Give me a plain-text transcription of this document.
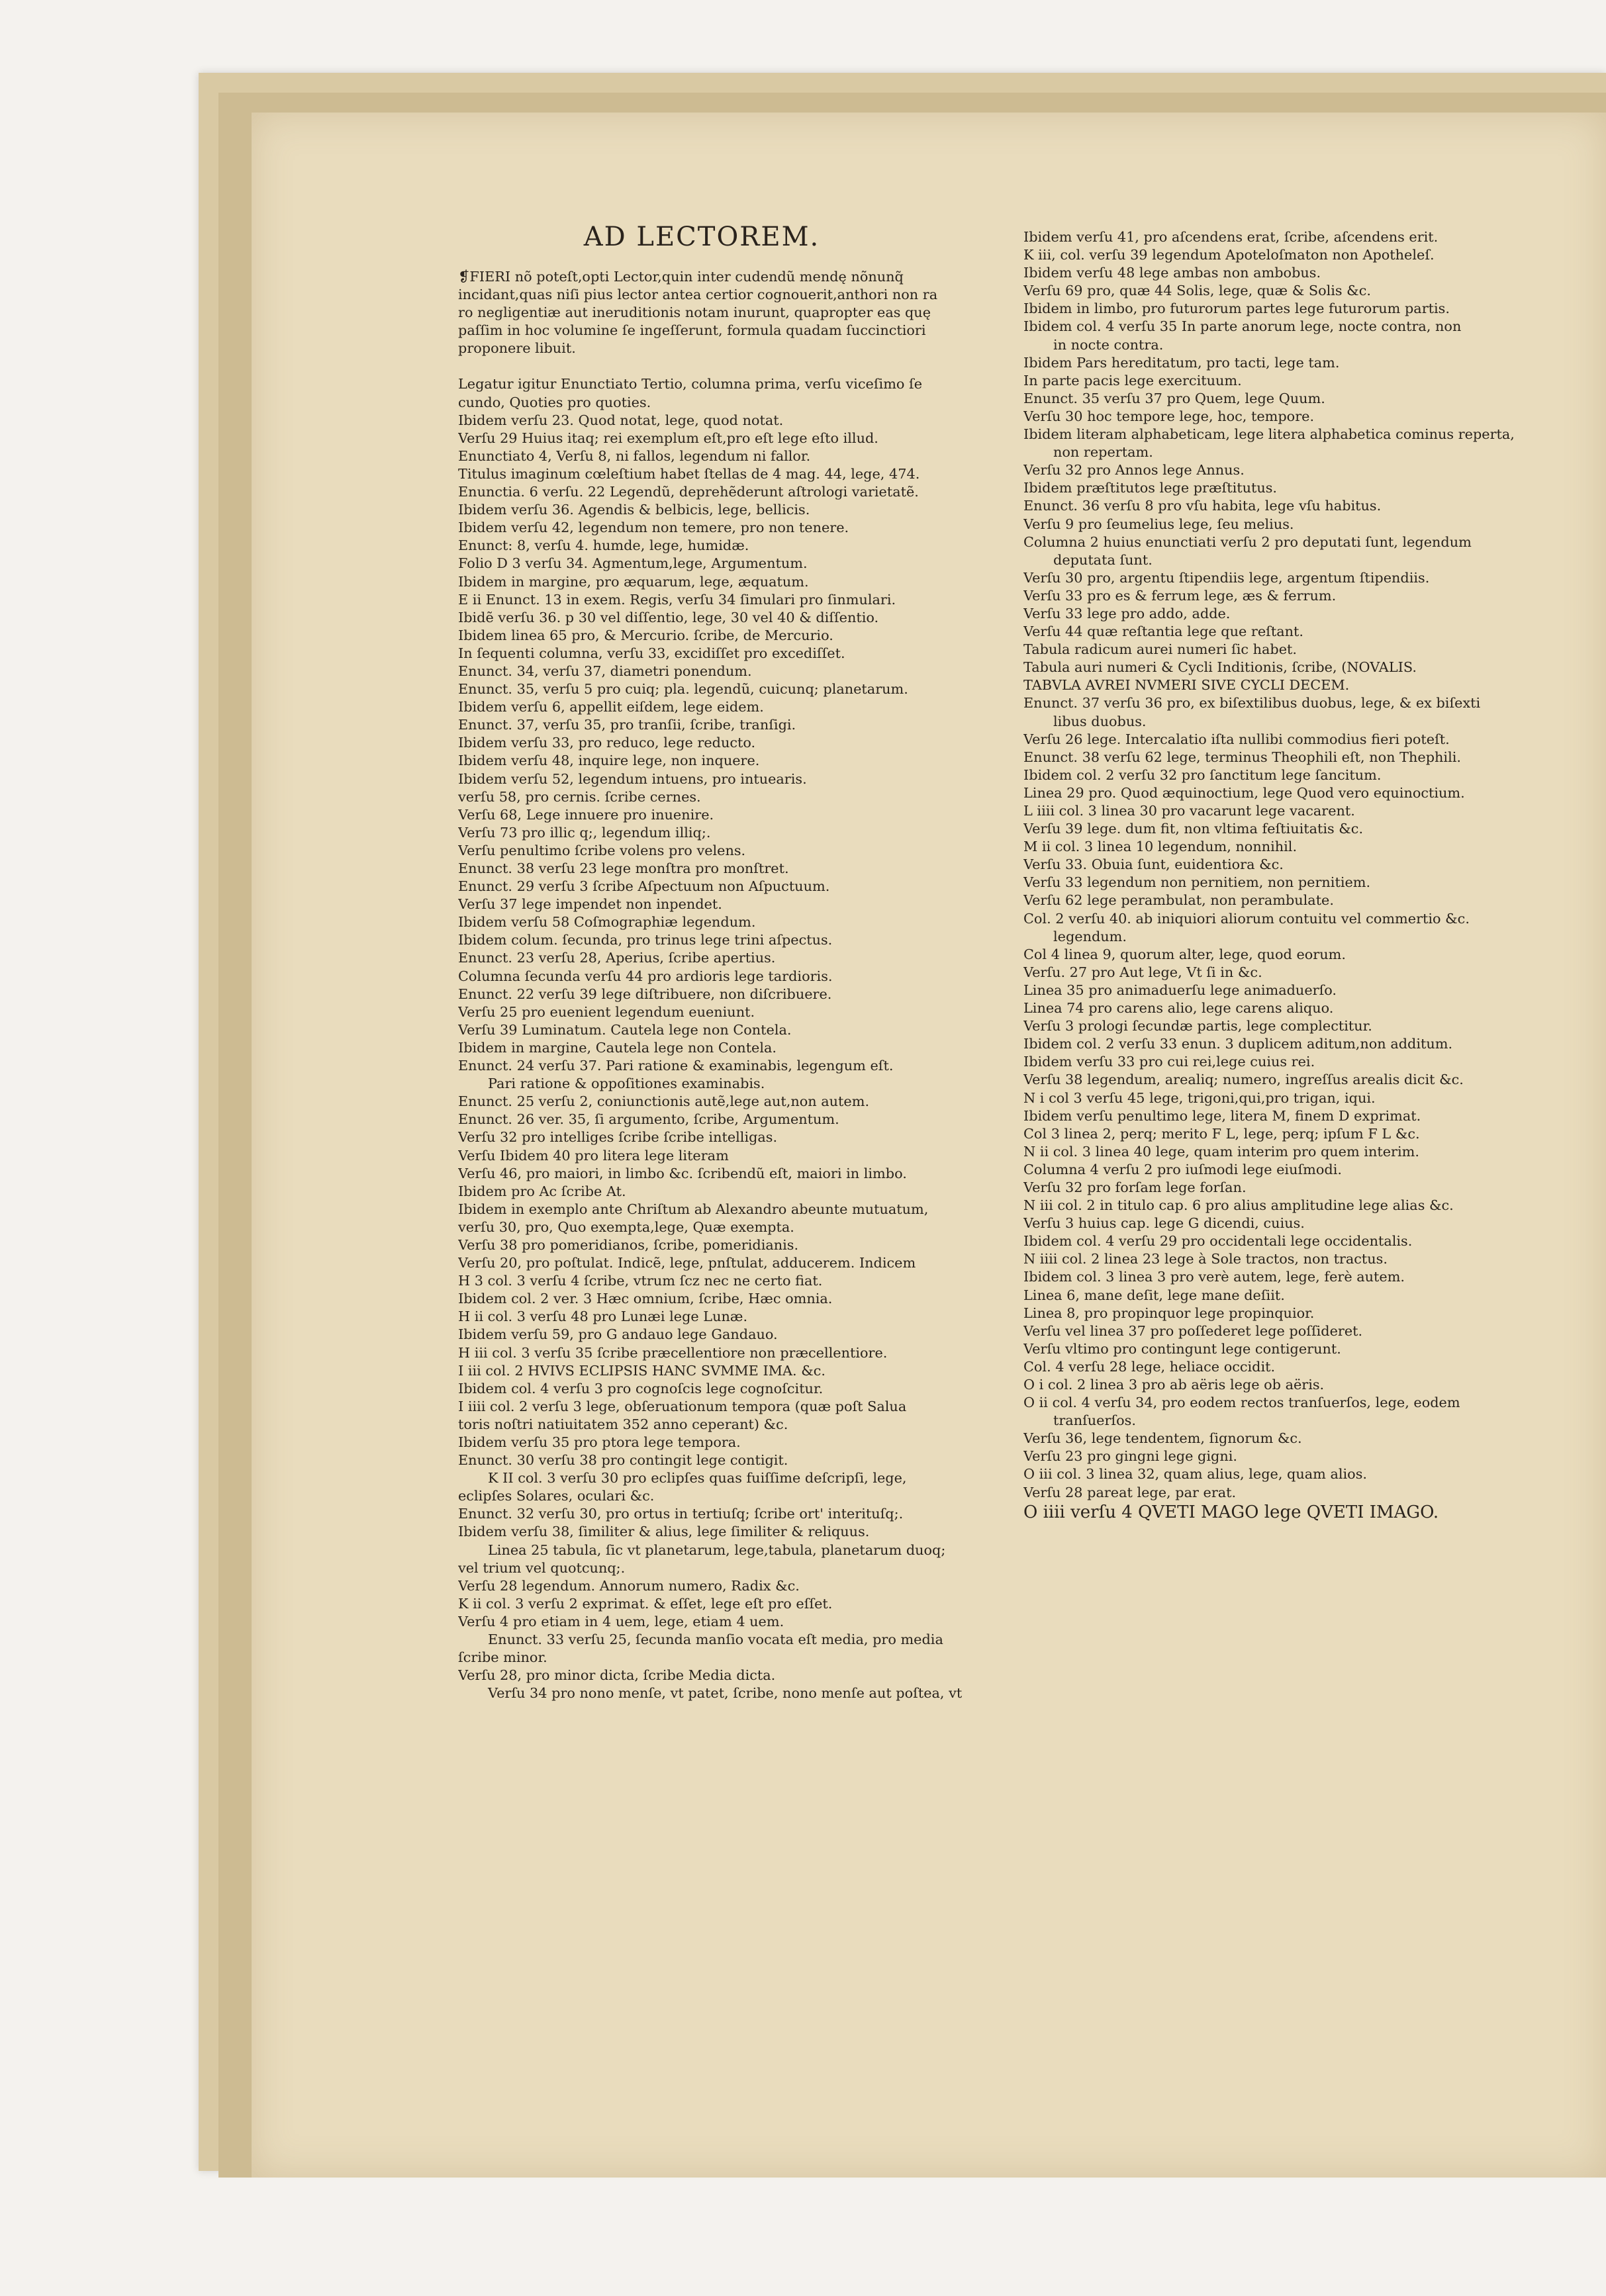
AD LECTOREM.

❡FIERI nõ poteſt,opti Lector,quin inter cudendũ mendę nõnunq̃

incidant,quas niſi pius lector antea certior cognouerit,anthori non ra

ro negligentiæ aut ineruditionis notam inurunt, quapropter eas quę

paſſim in hoc volumine ſe ingeſſerunt, formula quadam ſuccinctiori

proponere libuit.

Legatur igitur Enunctiato Tertio, columna prima, verſu viceſimo ſe

cundo, Quoties pro quoties.

Ibidem verſu 23. Quod notat, lege, quod notat.

Verſu 29 Huius itaq; rei exemplum eſt,pro eſt lege eſto illud.

Enunctiato 4, Verſu 8, ni fallos, legendum ni fallor.

Titulus imaginum cœleſtium habet ſtellas de 4 mag. 44, lege, 474.

Enunctia. 6 verſu. 22 Legendũ, deprehẽderunt aſtrologi varietatẽ.

Ibidem verſu 36. Agendis & belbicis, lege, bellicis.

Ibidem verſu 42, legendum non temere, pro non tenere.

Enunct: 8, verſu 4. humde, lege, humidæ.

Folio D 3 verſu 34. Agmentum,lege, Argumentum.

Ibidem in margine, pro æquarum, lege, æquatum.

E ii Enunct. 13 in exem. Regis, verſu 34 ſimulari pro ſinmulari.

Ibidẽ verſu 36. p 30 vel diſſentio, lege, 30 vel 40 & diſſentio.

Ibidem linea 65 pro, & Mercurio. ſcribe, de Mercurio.

In ſequenti columna, verſu 33, excidiſſet pro excediſſet.

Enunct. 34, verſu 37, diametri ponendum.

Enunct. 35, verſu 5 pro cuiq; pla. legendũ, cuicunq; planetarum.

Ibidem verſu 6, appellit eiſdem, lege eidem.

Enunct. 37, verſu 35, pro tranſii, ſcribe, tranſigi.

Ibidem verſu 33, pro reduco, lege reducto.

Ibidem verſu 48, inquire lege, non inquere.

Ibidem verſu 52, legendum intuens, pro intuearis.

verſu 58, pro cernis. ſcribe cernes.

Verſu 68, Lege innuere pro inuenire.

Verſu 73 pro illic q;, legendum illiq;.

Verſu penultimo ſcribe volens pro velens.

Enunct. 38 verſu 23 lege monſtra pro monſtret.

Enunct. 29 verſu 3 ſcribe Aſpectuum non Aſpuctuum.

Verſu 37 lege impendet non inpendet.

Ibidem verſu 58 Coſmographiæ legendum.

Ibidem colum. ſecunda, pro trinus lege trini aſpectus.

Enunct. 23 verſu 28, Aperius, ſcribe apertius.

Columna ſecunda verſu 44 pro ardioris lege tardioris.

Enunct. 22 verſu 39 lege diſtribuere, non diſcribuere.

Verſu 25 pro euenient legendum eueniunt.

Verſu 39 Luminatum. Cautela lege non Contela.

Ibidem in margine, Cautela lege non Contela.

Enunct. 24 verſu 37. Pari ratione & examinabis, legengum eſt.

Pari ratione & oppoſitiones examinabis.

Enunct. 25 verſu 2, coniunctionis autẽ,lege aut,non autem.

Enunct. 26 ver. 35, ſi argumento, ſcribe, Argumentum.

Verſu 32 pro intelliges ſcribe ſcribe intelligas.

Verſu Ibidem 40 pro litera lege literam

Verſu 46, pro maiori, in limbo &c. ſcribendũ eſt, maiori in limbo.

Ibidem pro Ac ſcribe At.

Ibidem in exemplo ante Chriſtum ab Alexandro abeunte mutuatum,

verſu 30, pro, Quo exempta,lege, Quæ exempta.

Verſu 38 pro pomeridianos, ſcribe, pomeridianis.

Verſu 20, pro poſtulat. Indicẽ, lege, pnſtulat, adducerem. Indicem

H 3 col. 3 verſu 4 ſcribe, vtrum ſcz nec ne certo fiat.

Ibidem col. 2 ver. 3 Hæc omnium, ſcribe, Hæc omnia.

H ii col. 3 verſu 48 pro Lunæi lege Lunæ.

Ibidem verſu 59, pro G andauo lege Gandauo.

H iii col. 3 verſu 35 ſcribe præcellentiore non præcellentiore.

I iii col. 2 HVIVS ECLIPSIS HANC SVMME IMA. &c.

Ibidem col. 4 verſu 3 pro cognoſcis lege cognoſcitur.

I iiii col. 2 verſu 3 lege, obſeruationum tempora (quæ poſt Salua

toris noſtri natiuitatem 352 anno ceperant) &c.

Ibidem verſu 35 pro ptora lege tempora.

Enunct. 30 verſu 38 pro contingit lege contigit.

K II col. 3 verſu 30 pro eclipſes quas fuiſſime deſcripſi, lege,

eclipſes Solares, oculari &c.

Enunct. 32 verſu 30, pro ortus in tertiuſq; ſcribe ort' interituſq;.

Ibidem verſu 38, ſimiliter & alius, lege ſimiliter & reliquus.

Linea 25 tabula, ſic vt planetarum, lege,tabula, planetarum duoq;

vel trium vel quotcunq;.

Verſu 28 legendum. Annorum numero, Radix &c.

K ii col. 3 verſu 2 exprimat. & eſſet, lege eſt pro eſſet.

Verſu 4 pro etiam in 4 uem, lege, etiam 4 uem.

Enunct. 33 verſu 25, ſecunda manſio vocata eſt media, pro media

ſcribe minor.

Verſu 28, pro minor dicta, ſcribe Media dicta.

Verſu 34 pro nono menſe, vt patet, ſcribe, nono menſe aut poſtea, vt

Ibidem verſu 41, pro aſcendens erat, ſcribe, aſcendens erit.

K iii, col. verſu 39 legendum Apoteloſmaton non Apotheleſ.

Ibidem verſu 48 lege ambas non ambobus.

Verſu 69 pro, quæ 44 Solis, lege, quæ & Solis &c.

Ibidem in limbo, pro futurorum partes lege futurorum partis.

Ibidem col. 4 verſu 35 In parte anorum lege, nocte contra, non

in nocte contra.

Ibidem Pars hereditatum, pro tacti, lege tam.

In parte pacis lege exercituum.

Enunct. 35 verſu 37 pro Quem, lege Quum.

Verſu 30 hoc tempore lege, hoc, tempore.

Ibidem literam alphabeticam, lege litera alphabetica cominus reperta,

non repertam.

Verſu 32 pro Annos lege Annus.

Ibidem præſtitutos lege præſtitutus.

Enunct. 36 verſu 8 pro vſu habita, lege vſu habitus.

Verſu 9 pro ſeumelius lege, ſeu melius.

Columna 2 huius enunctiati verſu 2 pro deputati ſunt, legendum

deputata ſunt.

Verſu 30 pro, argentu ſtipendiis lege, argentum ſtipendiis.

Verſu 33 pro es & ferrum lege, æs & ferrum.

Verſu 33 lege pro addo, adde.

Verſu 44 quæ reſtantia lege que reſtant.

Tabula radicum aurei numeri ſic habet.

Tabula auri numeri & Cycli Inditionis, ſcribe, (NOVALIS.

TABVLA AVREI NVMERI SIVE CYCLI DECEM.

Enunct. 37 verſu 36 pro, ex biſextilibus duobus, lege, & ex biſexti

libus duobus.

Verſu 26 lege. Intercalatio iſta nullibi commodius fieri poteſt.

Enunct. 38 verſu 62 lege, terminus Theophili eſt, non Thephili.

Ibidem col. 2 verſu 32 pro ſanctitum lege ſancitum.

Linea 29 pro. Quod æquinoctium, lege Quod vero equinoctium.

L iiii col. 3 linea 30 pro vacarunt lege vacarent.

Verſu 39 lege. dum fit, non vltima feſtiuitatis &c.

M ii col. 3 linea 10 legendum, nonnihil.

Verſu 33. Obuia ſunt, euidentiora &c.

Verſu 33 legendum non pernitiem, non pernitiem.

Verſu 62 lege perambulat, non perambulate.

Col. 2 verſu 40. ab iniquiori aliorum contuitu vel commertio &c.

legendum.

Col 4 linea 9, quorum alter, lege, quod eorum.

Verſu. 27 pro Aut lege, Vt ſi in &c.

Linea 35 pro animaduerſu lege animaduerſo.

Linea 74 pro carens alio, lege carens aliquo.

Verſu 3 prologi ſecundæ partis, lege complectitur.

Ibidem col. 2 verſu 33 enun. 3 duplicem aditum,non additum.

Ibidem verſu 33 pro cui rei,lege cuius rei.

Verſu 38 legendum, arealiq; numero, ingreſſus arealis dicit &c.

N i col 3 verſu 45 lege, trigoni,qui,pro trigan, iqui.

Ibidem verſu penultimo lege, litera M, finem D exprimat.

Col 3 linea 2, perq; merito F L, lege, perq; ipſum F L &c.

N ii col. 3 linea 40 lege, quam interim pro quem interim.

Columna 4 verſu 2 pro iuſmodi lege eiuſmodi.

Verſu 32 pro forſam lege forſan.

N iii col. 2 in titulo cap. 6 pro alius amplitudine lege alias &c.

Verſu 3 huius cap. lege G dicendi, cuius.

Ibidem col. 4 verſu 29 pro occidentali lege occidentalis.

N iiii col. 2 linea 23 lege à Sole tractos, non tractus.

Ibidem col. 3 linea 3 pro verè autem, lege, ferè autem.

Linea 6, mane deſit, lege mane deſiit.

Linea 8, pro propinquor lege propinquior.

Verſu vel linea 37 pro poſſederet lege poſſideret.

Verſu vltimo pro contingunt lege contigerunt.

Col. 4 verſu 28 lege, heliace occidit.

O i col. 2 linea 3 pro ab aëris lege ob aëris.

O ii col. 4 verſu 34, pro eodem rectos tranſuerſos, lege, eodem

tranſuerſos.

Verſu 36, lege tendentem, ſignorum &c.

Verſu 23 pro gingni lege gigni.

O iii col. 3 linea 32, quam alius, lege, quam alios.

Verſu 28 pareat lege, par erat.

O iiii verſu 4 QVETI MAGO lege QVETI IMAGO.
